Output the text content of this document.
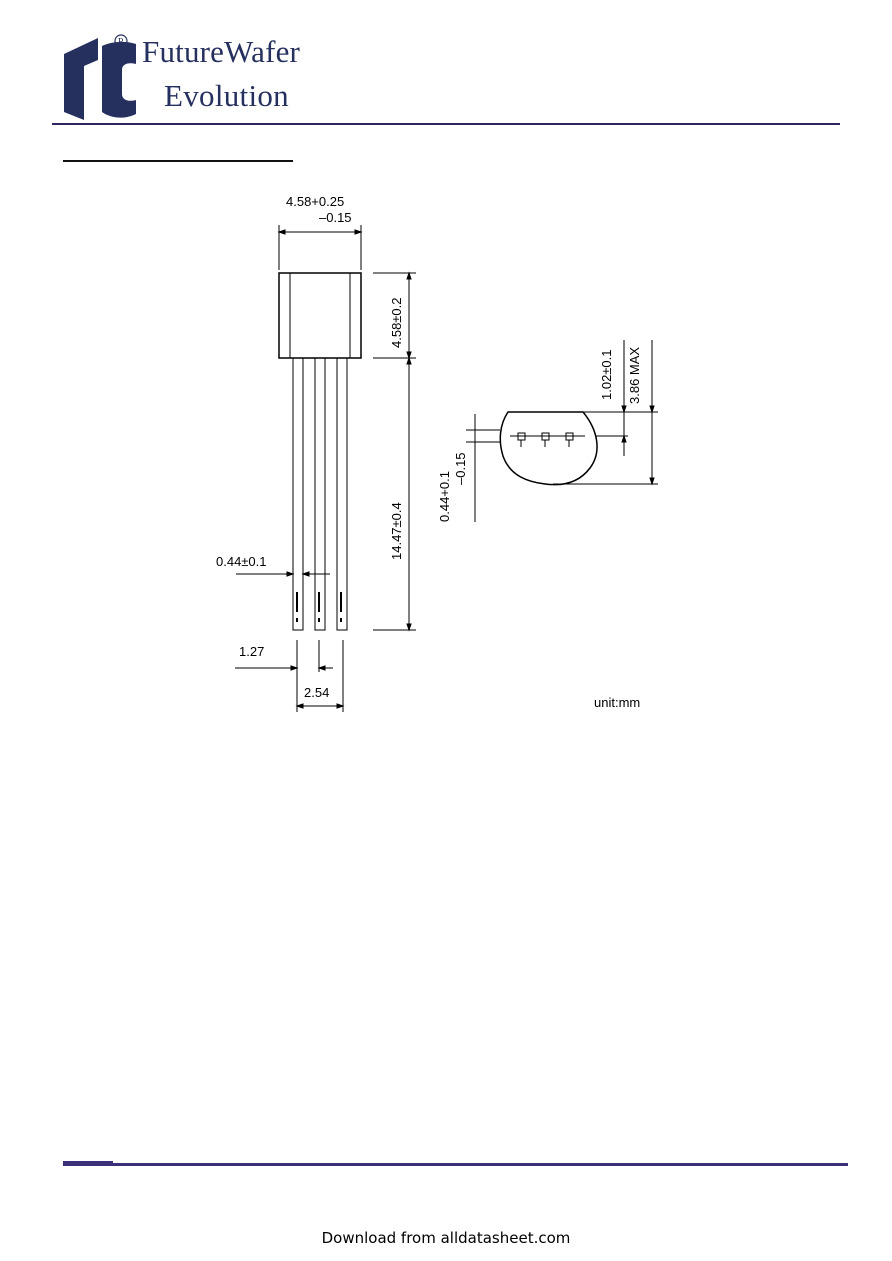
R FutureWafer
Evolution
4.58+0.25
–0.15
4.58±0.2
14.47±0.4
0.44±0.1
1.27
2.54
0.44+0.1
–0.15
1.02±0.1 3.86 MAX
unit:mm
Download from alldatasheet.com
